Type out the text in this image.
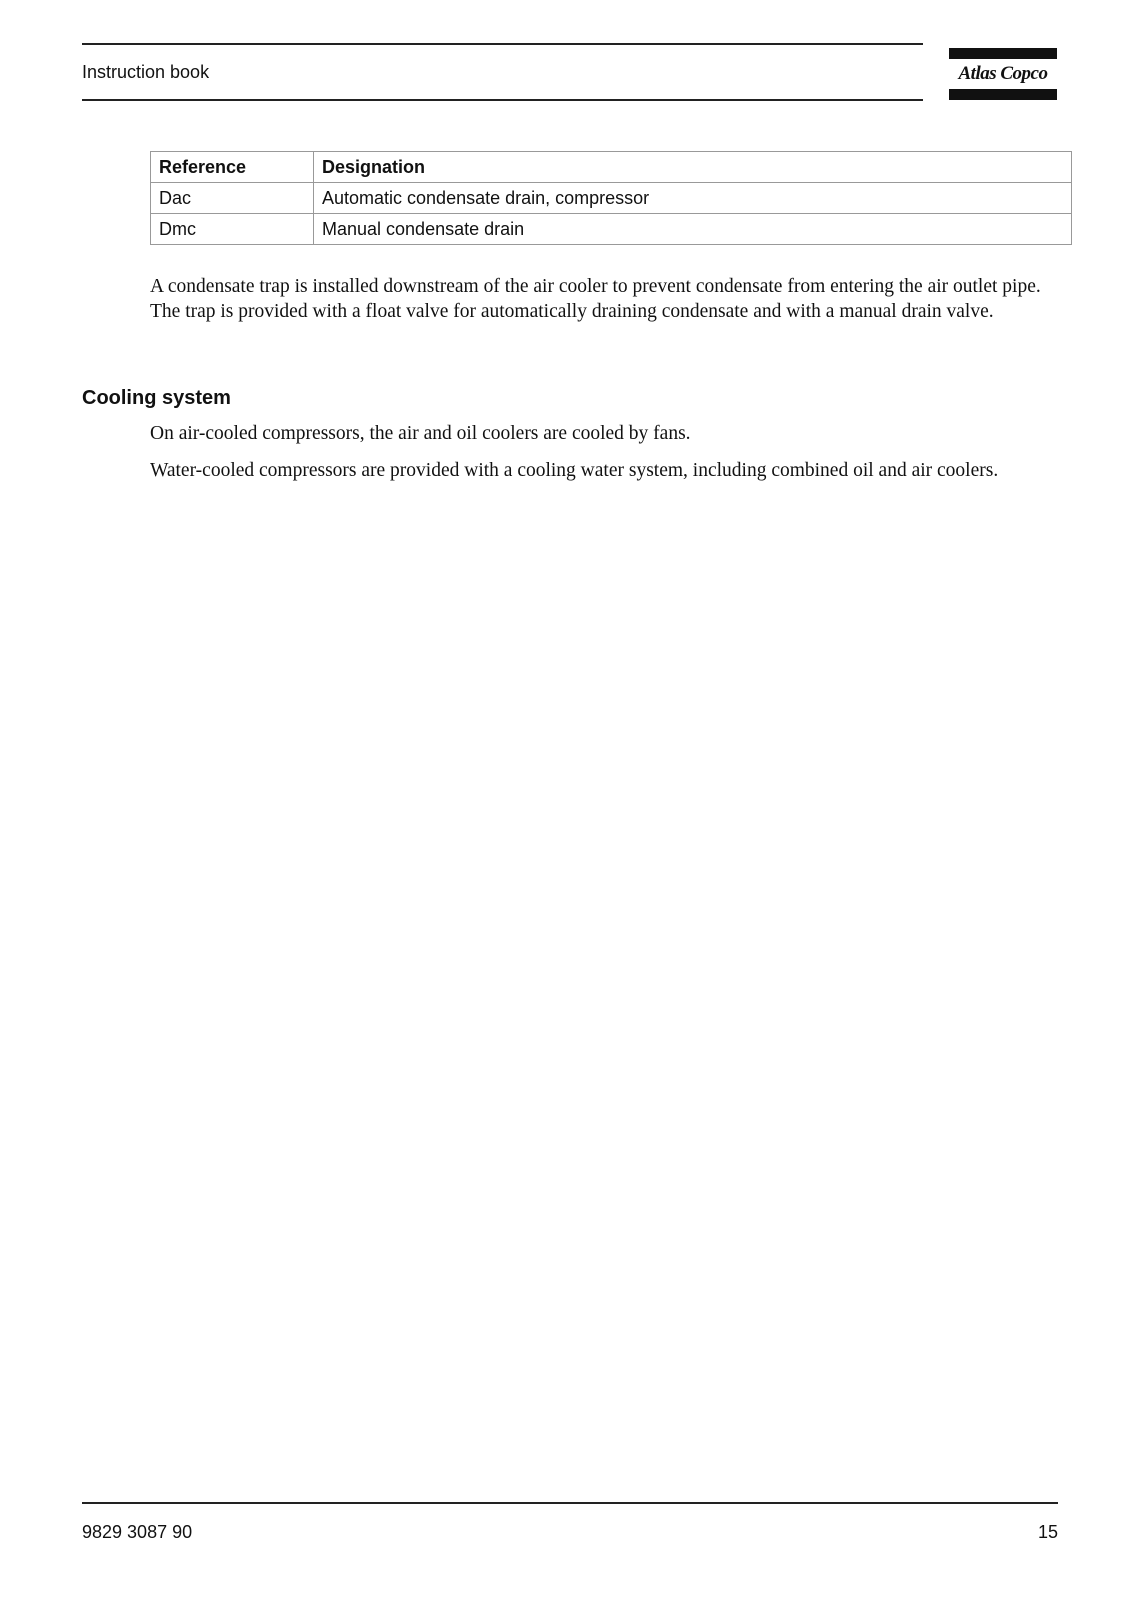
Instruction book	Atlas Copco
Reference	Designation
Dac	Automatic condensate drain, compressor
Dmc	Manual condensate drain

A condensate trap is installed downstream of the air cooler to prevent condensate from entering the air outlet pipe. The trap is provided with a float valve for automatically draining condensate and with a manual drain valve.

Cooling system

On air-cooled compressors, the air and oil coolers are cooled by fans.

Water-cooled compressors are provided with a cooling water system, including combined oil and air coolers.

9829 3087 90	15
